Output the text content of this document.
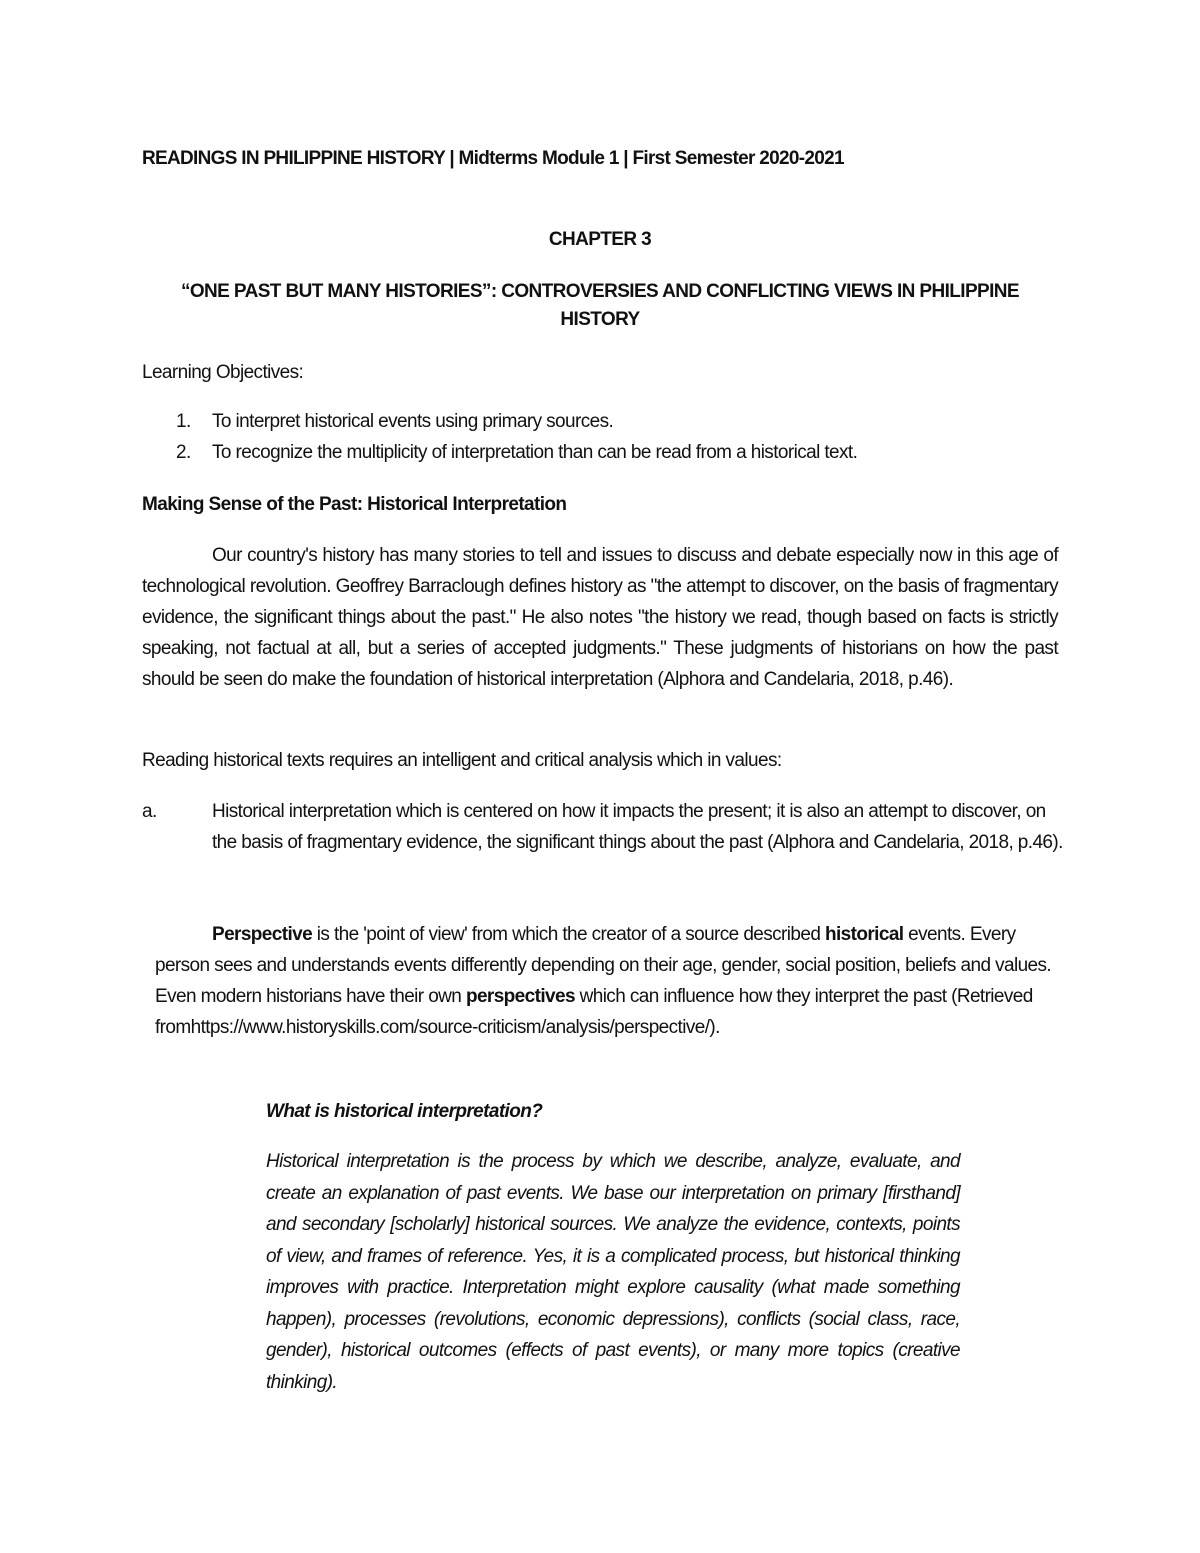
READINGS IN PHILIPPINE HISTORY | Midterms Module 1 | First Semester 2020-2021
CHAPTER 3
“ONE PAST BUT MANY HISTORIES”: CONTROVERSIES AND CONFLICTING VIEWS IN PHILIPPINE HISTORY
Learning Objectives:
1.	To interpret historical events using primary sources.
2.	To recognize the multiplicity of interpretation than can be read from a historical text.
Making Sense of the Past: Historical Interpretation
Our country's history has many stories to tell and issues to discuss and debate especially now in this age of technological revolution. Geoffrey Barraclough defines history as "the attempt to discover, on the basis of fragmentary evidence, the significant things about the past." He also notes "the history we read, though based on facts is strictly speaking, not factual at all, but a series of accepted judgments." These judgments of historians on how the past should be seen do make the foundation of historical interpretation (Alphora and Candelaria, 2018, p.46).
Reading historical texts requires an intelligent and critical analysis which in values:
a.	Historical interpretation which is centered on how it impacts the present; it is also an attempt to discover, on the basis of fragmentary evidence, the significant things about the past (Alphora and Candelaria, 2018, p.46).
Perspective is the 'point of view' from which the creator of a source described historical events. Every person sees and understands events differently depending on their age, gender, social position, beliefs and values. Even modern historians have their own perspectives which can influence how they interpret the past (Retrieved fromhttps://www.historyskills.com/source-criticism/analysis/perspective/).
What is historical interpretation?
Historical interpretation is the process by which we describe, analyze, evaluate, and create an explanation of past events. We base our interpretation on primary [firsthand] and secondary [scholarly] historical sources. We analyze the evidence, contexts, points of view, and frames of reference. Yes, it is a complicated process, but historical thinking improves with practice. Interpretation might explore causality (what made something happen), processes (revolutions, economic depressions), conflicts (social class, race, gender), historical outcomes (effects of past events), or many more topics (creative thinking).
